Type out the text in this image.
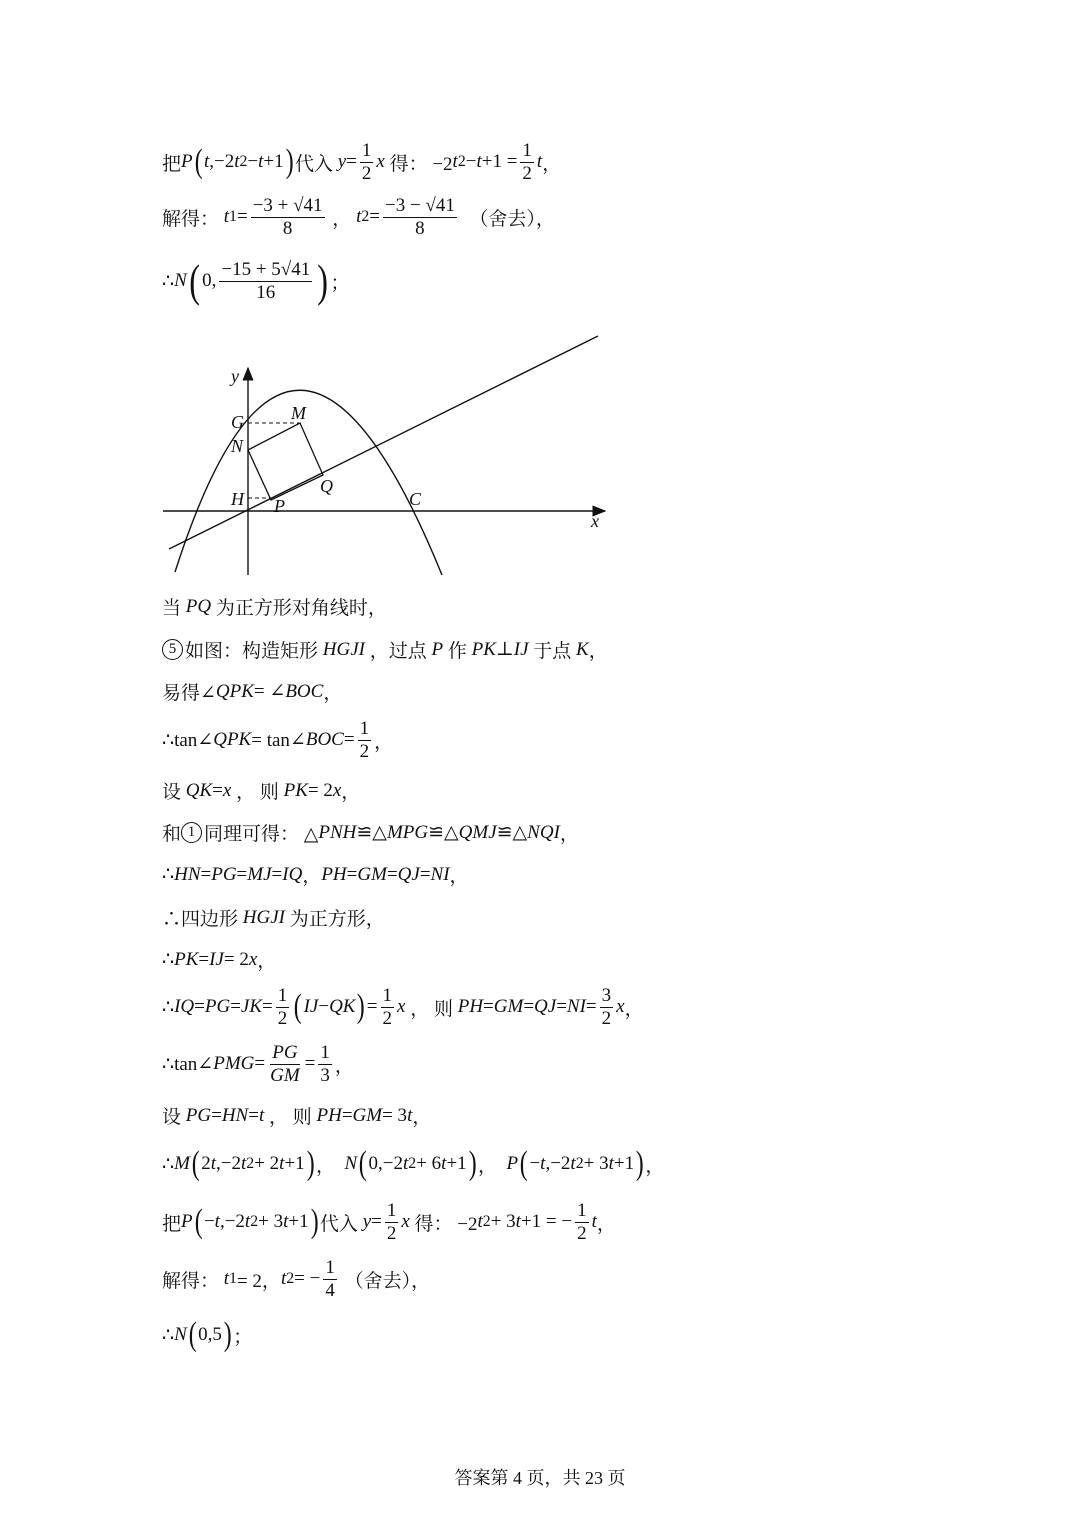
把 P ( t ,−2 t 2 − t +1 ) 代入 $y = \frac{1}{2}$ x 得： −2 t $2 - t +1 = \frac{1}{2}$ t ，
解得： t $1 = \frac{-3 + √41}{8}$ ， t $2 = \frac{-3 - √41}{8}$ （舍去），
∴ N ( 0,
−15 + 5√41
16 ) ；
y
x
G	M
N
Q
H P	C
当 PQ 为正方形对角线时，
5 如图：构造矩形 HGJI ，过点 P 作 PK ⊥ IJ 于点 K ，
易得∠ QPK = ∠ BOC ，
∴tan∠ QPK = tan∠ BOC = $\frac{1}{2}$ ，
设 QK = x ， 则 PK = 2 x ，
和 1 同理可得： △ PNH ≌△ MPG ≌△ QMJ ≌△ NQI ，
∴ HN = PG = MJ = IQ ， PH = GM = QJ = NI ，
∴四边形 HGJI 为正方形，
∴ PK = IJ = 2 x ，
∴ IQ = PG = JK = $\frac{1}{2}$ ( IJ − QK ) = $\frac{1}{2}$ x ， 则 PH = GM = QJ = NI = $\frac{3}{2}$ x ，
∴tan∠ PMG = $\frac{PG}{GM} = \frac{1}{3}$ ，
设 PG = HN = t ， 则 PH = GM = 3 t ，
∴ M ( 2 t ,−2 t 2 + 2 t +1 ) ， N ( 0,−2 t 2 + 6 t +1 ) ， P ( − t ,−2 t 2 + 3 t +1 ) ，
把 P ( − t ,−2 t 2 + 3 t +1 ) 代入 $y = \frac{1}{2}$ x 得： −2 t 2 + 3 t +1 = − $\frac{1}{2}$ t ，
解得： t 1 = 2， t 2 = − $\frac{1}{4}$ （舍去），
∴ N ( 0,5 ) ；
答案第 4 页，共 23 页
